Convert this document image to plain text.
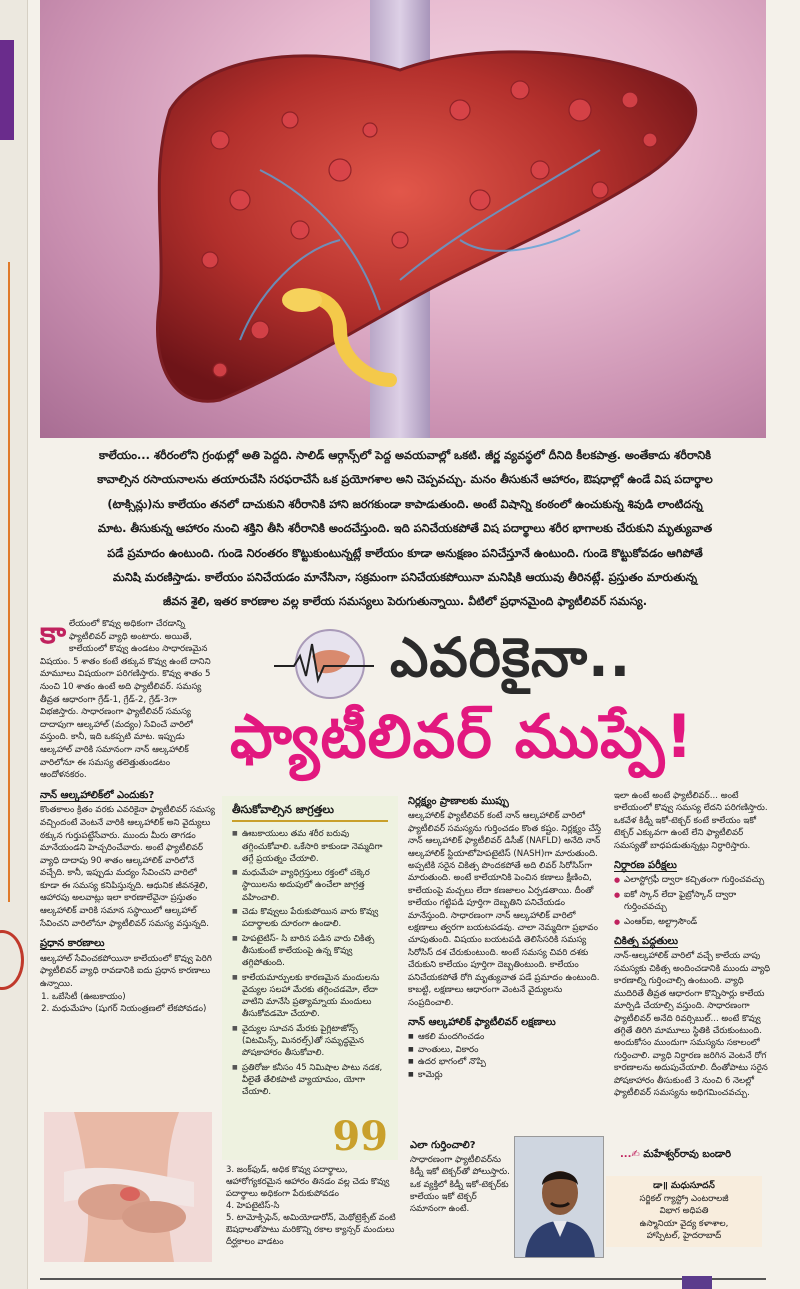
కాలేయం... శరీరంలోని గ్రంథుల్లో అతి పెద్దది. సాలిడ్ ఆర్గాన్స్‌లో పెద్ద అవయవాల్లో ఒకటి. జీర్ణ వ్యవస్థలో దీనిది కీలకపాత్ర. అంతేకాదు శరీరానికి

కావాల్సిన రసాయనాలను తయారుచేసి సరఫరాచేసే ఒక ప్రయోగశాల అని చెప్పవచ్చు. మనం తీసుకునే ఆహారం, ఔషధాల్లో ఉండే విష పదార్థాల

(టాక్సిన్లు)ను కాలేయం తనలో దాచుకుని శరీరానికి హాని జరగకుండా కాపాడుతుంది. అంటే విషాన్ని కంఠంలో ఉంచుకున్న శివుడి లాంటిదన్న

మాట. తీసుకున్న ఆహారం నుంచి శక్తిని తీసి శరీరానికి అందచేస్తుంది. ఇది పనిచేయకపోతే విష పదార్థాలు శరీర భాగాలకు చేరుకుని మృత్యువాత

పడే ప్రమాదం ఉంటుంది. గుండె నిరంతరం కొట్టుకుంటున్నట్లే కాలేయం కూడా అనుక్షణం పనిచేస్తూనే ఉంటుంది. గుండె కొట్టుకోవడం ఆగిపోతే

మనిషి మరణిస్తాడు. కాలేయం పనిచేయడం మానేసినా, సక్రమంగా పనిచేయకపోయినా మనిషికి ఆయువు తీరినట్లే. ప్రస్తుతం మారుతున్న

జీవన శైలి, ఇతర కారణాల వల్ల కాలేయ సమస్యలు పెరుగుతున్నాయి. వీటిలో ప్రధానమైంది ఫ్యాటీలివర్ సమస్య.

కాలేయంలో కొవ్వు అధికంగా చేరడాన్ని ఫ్యాటీలివర్ వ్యాధి అంటారు. అయితే, కాలేయంలో కొవ్వు ఉండటం సాధారణమైన విషయం. 5 శాతం కంటే తక్కువ కొవ్వు ఉంటే దానిని మామూలు విషయంగా పరిగణిస్తారు. కొవ్వు శాతం 5 నుంచి 10 శాతం ఉంటే అది ఫ్యాటీలివర్. సమస్య తీవ్రత ఆధారంగా గ్రేడ్-1, గ్రేడ్-2, గ్రేడ్-3గా విభజిస్తారు. సాధారణంగా ఫ్యాటీలివర్ సమస్య దాదాపుగా ఆల్కహాల్ (మద్యం) సేవించే వారిలో వస్తుంది. కానీ, ఇది ఒకప్పటి మాట. ఇప్పుడు ఆల్కహాల్ వారికి సమానంగా నాన్ ఆల్కహాలిక్ వారిలోనూ ఈ సమస్య తలెత్తుతుండటం ఆందోళనకరం.

నాన్ ఆల్కహాలిక్‌లో ఎందుకు?

కొంతకాలం క్రితం వరకు ఎవరికైనా ఫ్యాటీలివర్ సమస్య వచ్చిందంటే వెంటనే వారికి ఆల్కహాలిక్ అని వైద్యులు ఠక్కున గుర్తుపట్టేసేవారు. ముందు మీరు తాగడం మానేయండని హెచ్చరించేవారు. అంటే ఫ్యాటీలివర్ వ్యాధి దాదాపు 90 శాతం ఆల్కహాలిక్ వారిలోనే వచ్చేది. కానీ, ఇప్పుడు మద్యం సేవించని వారిలో కూడా ఈ సమస్య కనిపిస్తున్నది. ఆధునిక జీవనశైలి, ఆహారపు అలవాట్లు ఇలా కారణాలేవైనా ప్రస్తుతం ఆల్కహాలిక్ వారికి సమాన సస్థాయిలో ఆల్కహాల్ సేవించని వారిలోనూ ఫ్యాటీలివర్ సమస్య వస్తున్నది.

ప్రధాన కారణాలు

ఆల్కహాల్ సేవించకపోయినా కాలేయంలో కొవ్వు పెరిగి ఫ్యాటీలివర్ వ్యాధి రావడానికి ఐదు ప్రధాన కారణాలు ఉన్నాయి.

1. ఒబేసిటీ (ఊబకాయం)
2. మధుమేహం (షుగర్ నియంత్రణలో లేకపోవడం)
ఎవరికైనా..
ఫ్యాటీలివర్ ముప్పే!
తీసుకోవాల్సిన జాగ్రత్తలు
■ ఊబకాయులు తమ శరీర బరువు తగ్గించుకోవాలి. ఒకేసారి కాకుండా నెమ్మదిగా తగ్గే ప్రయత్నం చేయాలి.
■ మధుమేహ వ్యాధిగ్రస్తులు రక్తంలో చక్కెర స్థాయిలను అదుపులో ఉంచేలా జాగ్రత్త వహించాలి.
■ చెడు కొవ్వులు పేరుకుపోయిన వారు కొవ్వు పదార్థాలకు దూరంగా ఉండాలి.
■ హెపటైటిస్- సి బారిన పడిన వారు చికిత్స తీసుకుంటే కాలేయంపై ఉన్న కొవ్వు తగ్గిపోతుంది.
■ కాలేయమార్పులకు కారణమైన మందులను వైద్యుల సలహా మేరకు తగ్గించడమో, లేదా వాటిని మానేసి ప్రత్యామ్నాయ మందులు తీసుకోవడమో చేయాలి.
■ వైద్యుల సూచన మేరకు పైగ్లిటాజోన్స్ (విటమిన్స్, మినరల్స్)తో సమృద్ధమైన పోషకాహారం తీసుకోవాలి.
■ ప్రతిరోజు కనీసం 45 నిమిషాల పాటు నడక, వీలైతే తేలికపాటి వ్యాయామం, యోగా చేయాలి.
99

3. జంక్‌ఫుడ్, అధిక కొవ్వు పదార్థాలు, ఆహారోగ్యకరమైన ఆహారం తినడం వల్ల చెడు కొవ్వు పదార్థాలు అధికంగా పేరుకుపోవడం

4. హెపటైటిస్-సి

5. టామోక్సిఫెన్, అమియోడారోన్, మెథోట్రెక్సేట్ వంటి ఔషధాలతోపాటు మరికొన్ని రకాల క్యాన్సర్ మందులు దీర్ఘకాలం వాడటం

నిర్లక్ష్యం ప్రాణాలకు ముప్పు

ఆల్కహాలిక్ ఫ్యాటీలివర్ కంటే నాన్ ఆల్కహాలిక్ వారిలో ఫ్యాటీలివర్ సమస్యను గుర్తించడం కొంత కష్టం. నిర్లక్ష్యం చేస్తే నాన్ ఆల్కహాలిక్ ఫ్యాటీలివర్ డిసీజ్ (NAFLD) అనేది నాన్ ఆల్కహాలిక్ స్టియాటోహెపటైటిస్ (NASH)గా మారుతుంది. అప్పటికి సరైన చికిత్స పొందకపోతే అది లివర్ సిరోసిస్‌గా మారుతుంది. అంటే కాలేయానికి పెంచిన కణాలు క్షీణించి, కాలేయంపై మచ్చలు లేదా కణజాలం ఏర్పడతాయి. దీంతో కాలేయం గట్టిపడి పూర్తిగా దెబ్బతిని పనిచేయడం మానేస్తుంది. సాధారణంగా నాన్ ఆల్కహాలిక్ వారిలో లక్షణాలు త్వరగా బయటపడవు. చాలా నెమ్మదిగా ప్రభావం చూపుతుంది. విషయం బయటపడి తెలిసేసరికి సమస్య సిరోసిస్ దశ చేరుకుంటుంది. అంటే సమస్య చివరి దశకు చేరుకుని కాలేయం పూర్తిగా దెబ్బతింటుంది. కాలేయం పనిచేయకపోతే రోగి మృత్యువాత పడే ప్రమాదం ఉంటుంది. కాబట్టి, లక్షణాలు ఆధారంగా వెంటనే వైద్యులను సంప్రదించాలి.

నాన్ ఆల్కహాలిక్ ఫ్యాటీలివర్ లక్షణాలు
■ ఆకలి మందగించడం
■ వాంతులు, వికారం
■ ఉదర భాగంలో నొప్పి
■ కామెర్లు
ఎలా గుర్తించాలి?

సాధారణంగా ఫ్యాటీలివర్‌ను కిడ్నీ ఇకో టెక్చర్‌తో పోలుస్తారు. ఒక వ్యక్తిలో కిడ్నీ ఇకో-టెక్చర్‌కు కాలేయం ఇకో టెక్చర్ సమానంగా ఉంటే.

ఇలా ఉంటే అంటే ఫ్యాటీలివర్... అంటే కాలేయంలో కొవ్వు సమస్య లేదని పరిగణిస్తారు. ఒకవేళ కిడ్నీ ఇకో-టెక్చర్ కంటే కాలేయం ఇకో టెక్చర్ ఎక్కువగా ఉంటే లేని ఫ్యాటీలివర్ సమస్యతో బాధపడుతున్నట్లు నిర్ధారిస్తారు.

నిర్ధారణ పరీక్షలు
● ఎలాస్టోగ్రఫీ ద్వారా కచ్చితంగా గుర్తించవచ్చు
● ఐకో స్కాన్ లేదా ఫైబ్రోస్కాన్ ద్వారా గుర్తించవచ్చు
● ఎంఆర్ఐ, అల్ట్రాసౌండ్
చికిత్స పద్ధతులు

నాన్-ఆల్కహాలిక్ వారిలో వచ్చే కాలేయ వాపు సమస్యకు చికిత్స అందించడానికి ముందు వ్యాధి కారణాల్ని గుర్తించాల్సి ఉంటుంది. వ్యాధి ముదిరితే తీవ్రత ఆధారంగా కొన్నిసార్లు కాలేయ మార్పిడి చేయాల్సి వస్తుంది. సాధారణంగా ఫ్యాటీలివర్ అనేది రివర్సిబుల్... అంటే కొవ్వు తగ్గితే తిరిగి మామూలు స్థితికి చేరుకుంటుంది. అందుకోసం ముందుగా సమస్యను సకాలంలో గుర్తించాలి. వ్యాధి నిర్ధారణ జరిగిన వెంటనే రోగ కారణాలను అదుపుచేయాలి. దీంతోపాటు సరైన పోషకాహారం తీసుకుంటే 3 నుంచి 6 నెలల్లో ఫ్యాటీలివర్ సమస్యను అధిగమించవచ్చు.

...✍ మహేశ్వర్‌రావు బండారి
డా॥ మధుసూదన్
సర్జికల్ గ్యాస్ట్రో ఎంటరాలజీ
విభాగ అధిపతి
ఉస్మానియా వైద్య కళాశాల,
హాస్పిటల్, హైదరాబాద్
